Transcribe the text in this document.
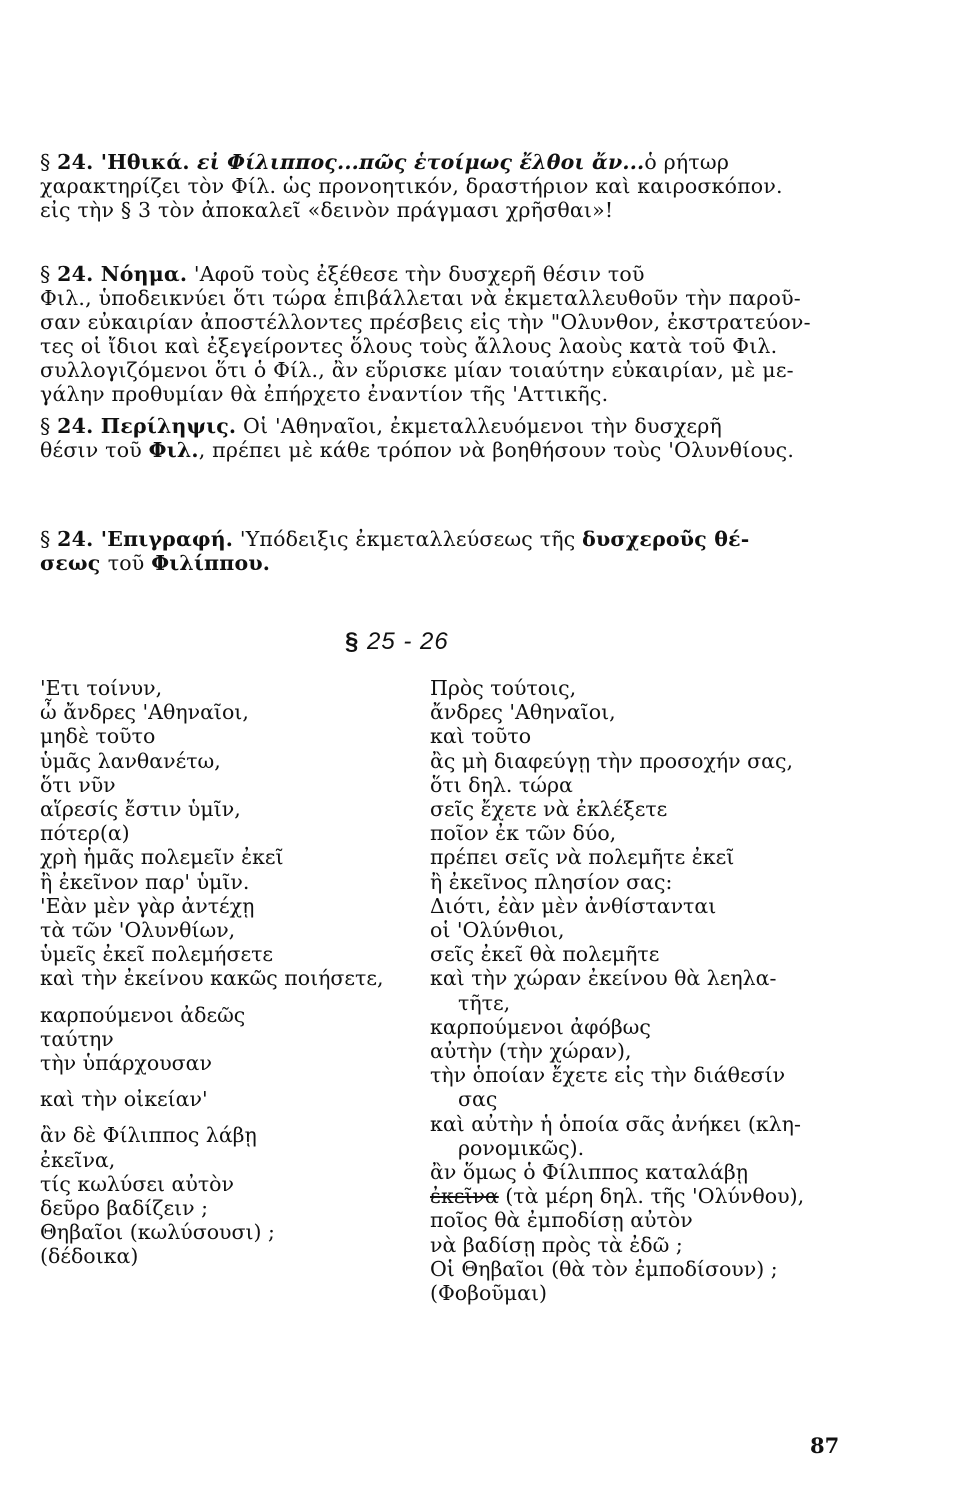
§ 24. 'Ηθικά. εἰ Φίλιππος...πῶς ἑτοίμως ἔλθοι ἄν...ὁ ρήτωρ
χαρακτηρίζει τὸν Φίλ. ὡς προνοητικόν, δραστήριον καὶ καιροσκόπον.
εἰς τὴν § 3 τὸν ἀποκαλεῖ «δεινὸν πράγμασι χρῆσθαι»!
§ 24. Νόημα. 'Αφοῦ τοὺς ἐξέθεσε τὴν δυσχερῆ θέσιν τοῦ
Φιλ., ὑποδεικνύει ὅτι τώρα ἐπιβάλλεται νὰ ἐκμεταλλευθοῦν τὴν παροῦ-
σαν εὐκαιρίαν ἀποστέλλοντες πρέσβεις εἰς τὴν "Ολυνθον, ἐκστρατεύον-
τες οἱ ἴδιοι καὶ ἐξεγείροντες ὅλους τοὺς ἄλλους λαοὺς κατὰ τοῦ Φιλ.
συλλογιζόμενοι ὅτι ὁ Φίλ., ἂν εὕρισκε μίαν τοιαύτην εὐκαιρίαν, μὲ με-
γάλην προθυμίαν θὰ ἐπήρχετο ἐναντίον τῆς 'Αττικῆς.
§ 24. Περίληψις. Οἱ 'Αθηναῖοι, ἐκμεταλλευόμενοι τὴν δυσχερῆ
θέσιν τοῦ Φιλ., πρέπει μὲ κάθε τρόπον νὰ βοηθήσουν τοὺς 'Ολυνθίους.
§ 24. 'Επιγραφή. 'Υπόδειξις ἐκμεταλλεύσεως τῆς δυσχεροῦς θέ-
σεως τοῦ Φιλίππου.
§ 25 - 26
'Ετι τοίνυν,
ὦ ἄνδρες 'Αθηναῖοι,
μηδὲ τοῦτο
ὑμᾶς λανθανέτω,
ὅτι νῦν
αἵρεσίς ἔστιν ὑμῖν,
πότερ(α)
χρὴ ἡμᾶς πολεμεῖν ἐκεῖ
ἢ ἐκεῖνον παρ' ὑμῖν.
'Εὰν μὲν γὰρ ἀντέχῃ
τὰ τῶν 'Ολυνθίων,
ὑμεῖς ἐκεῖ πολεμήσετε
καὶ τὴν ἐκείνου κακῶς ποιήσετε,
καρπούμενοι ἀδεῶς
ταύτην
τὴν ὑπάρχουσαν
καὶ τὴν οἰκείαν'
ἂν δὲ Φίλιππος λάβῃ
ἐκεῖνα,
τίς κωλύσει αὐτὸν
δεῦρο βαδίζειν ;
Θηβαῖοι (κωλύσουσι) ;
(δέδοικα)
Πρὸς τούτοις,
ἄνδρες 'Αθηναῖοι,
καὶ τοῦτο
ἂς μὴ διαφεύγῃ τὴν προσοχήν σας,
ὅτι δηλ. τώρα
σεῖς ἔχετε νὰ ἐκλέξετε
ποῖον ἐκ τῶν δύο,
πρέπει σεῖς νὰ πολεμῆτε ἐκεῖ
ἢ ἐκεῖνος πλησίον σας:
Διότι, ἐὰν μὲν ἀνθίστανται
οἱ 'Ολύνθιοι,
σεῖς ἐκεῖ θὰ πολεμῆτε
καὶ τὴν χώραν ἐκείνου θὰ λεηλα-
τῆτε,
καρπούμενοι ἀφόβως
αὐτὴν (τὴν χώραν),
τὴν ὁποίαν ἔχετε εἰς τὴν διάθεσίν
σας
καὶ αὐτὴν ἡ ὁποία σᾶς ἀνήκει (κλη-
ρονομικῶς).
ἂν ὅμως ὁ Φίλιππος καταλάβῃ
ἐκεῖνα (τὰ μέρη δηλ. τῆς 'Ολύνθου),
ποῖος θὰ ἐμποδίσῃ αὐτὸν
νὰ βαδίσῃ πρὸς τὰ ἐδῶ ;
Οἱ Θηβαῖοι (θὰ τὸν ἐμποδίσουν) ;
(Φοβοῦμαι)
87
